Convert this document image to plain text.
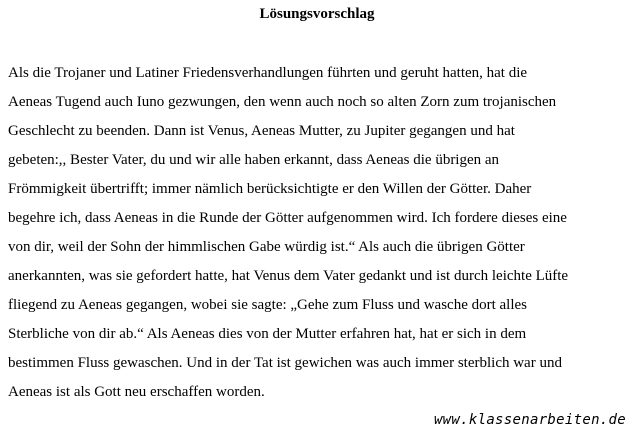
Lösungsvorschlag
Als die Trojaner und Latiner Friedensverhandlungen führten und geruht hatten, hat die
Aeneas Tugend auch Iuno gezwungen, den wenn auch noch so alten Zorn zum trojanischen
Geschlecht zu beenden. Dann ist Venus, Aeneas Mutter, zu Jupiter gegangen und hat
gebeten:,, Bester Vater, du und wir alle haben erkannt, dass Aeneas die übrigen an
Frömmigkeit übertrifft; immer nämlich berücksichtigte er den Willen der Götter. Daher
begehre ich, dass Aeneas in die Runde der Götter aufgenommen wird. Ich fordere dieses eine
von dir, weil der Sohn der himmlischen Gabe würdig ist.“ Als auch die übrigen Götter
anerkannten, was sie gefordert hatte, hat Venus dem Vater gedankt und ist durch leichte Lüfte
fliegend zu Aeneas gegangen, wobei sie sagte: „Gehe zum Fluss und wasche dort alles
Sterbliche von dir ab.“ Als Aeneas dies von der Mutter erfahren hat, hat er sich in dem
bestimmen Fluss gewaschen. Und in der Tat ist gewichen was auch immer sterblich war und
Aeneas ist als Gott neu erschaffen worden.
www.klassenarbeiten.de
